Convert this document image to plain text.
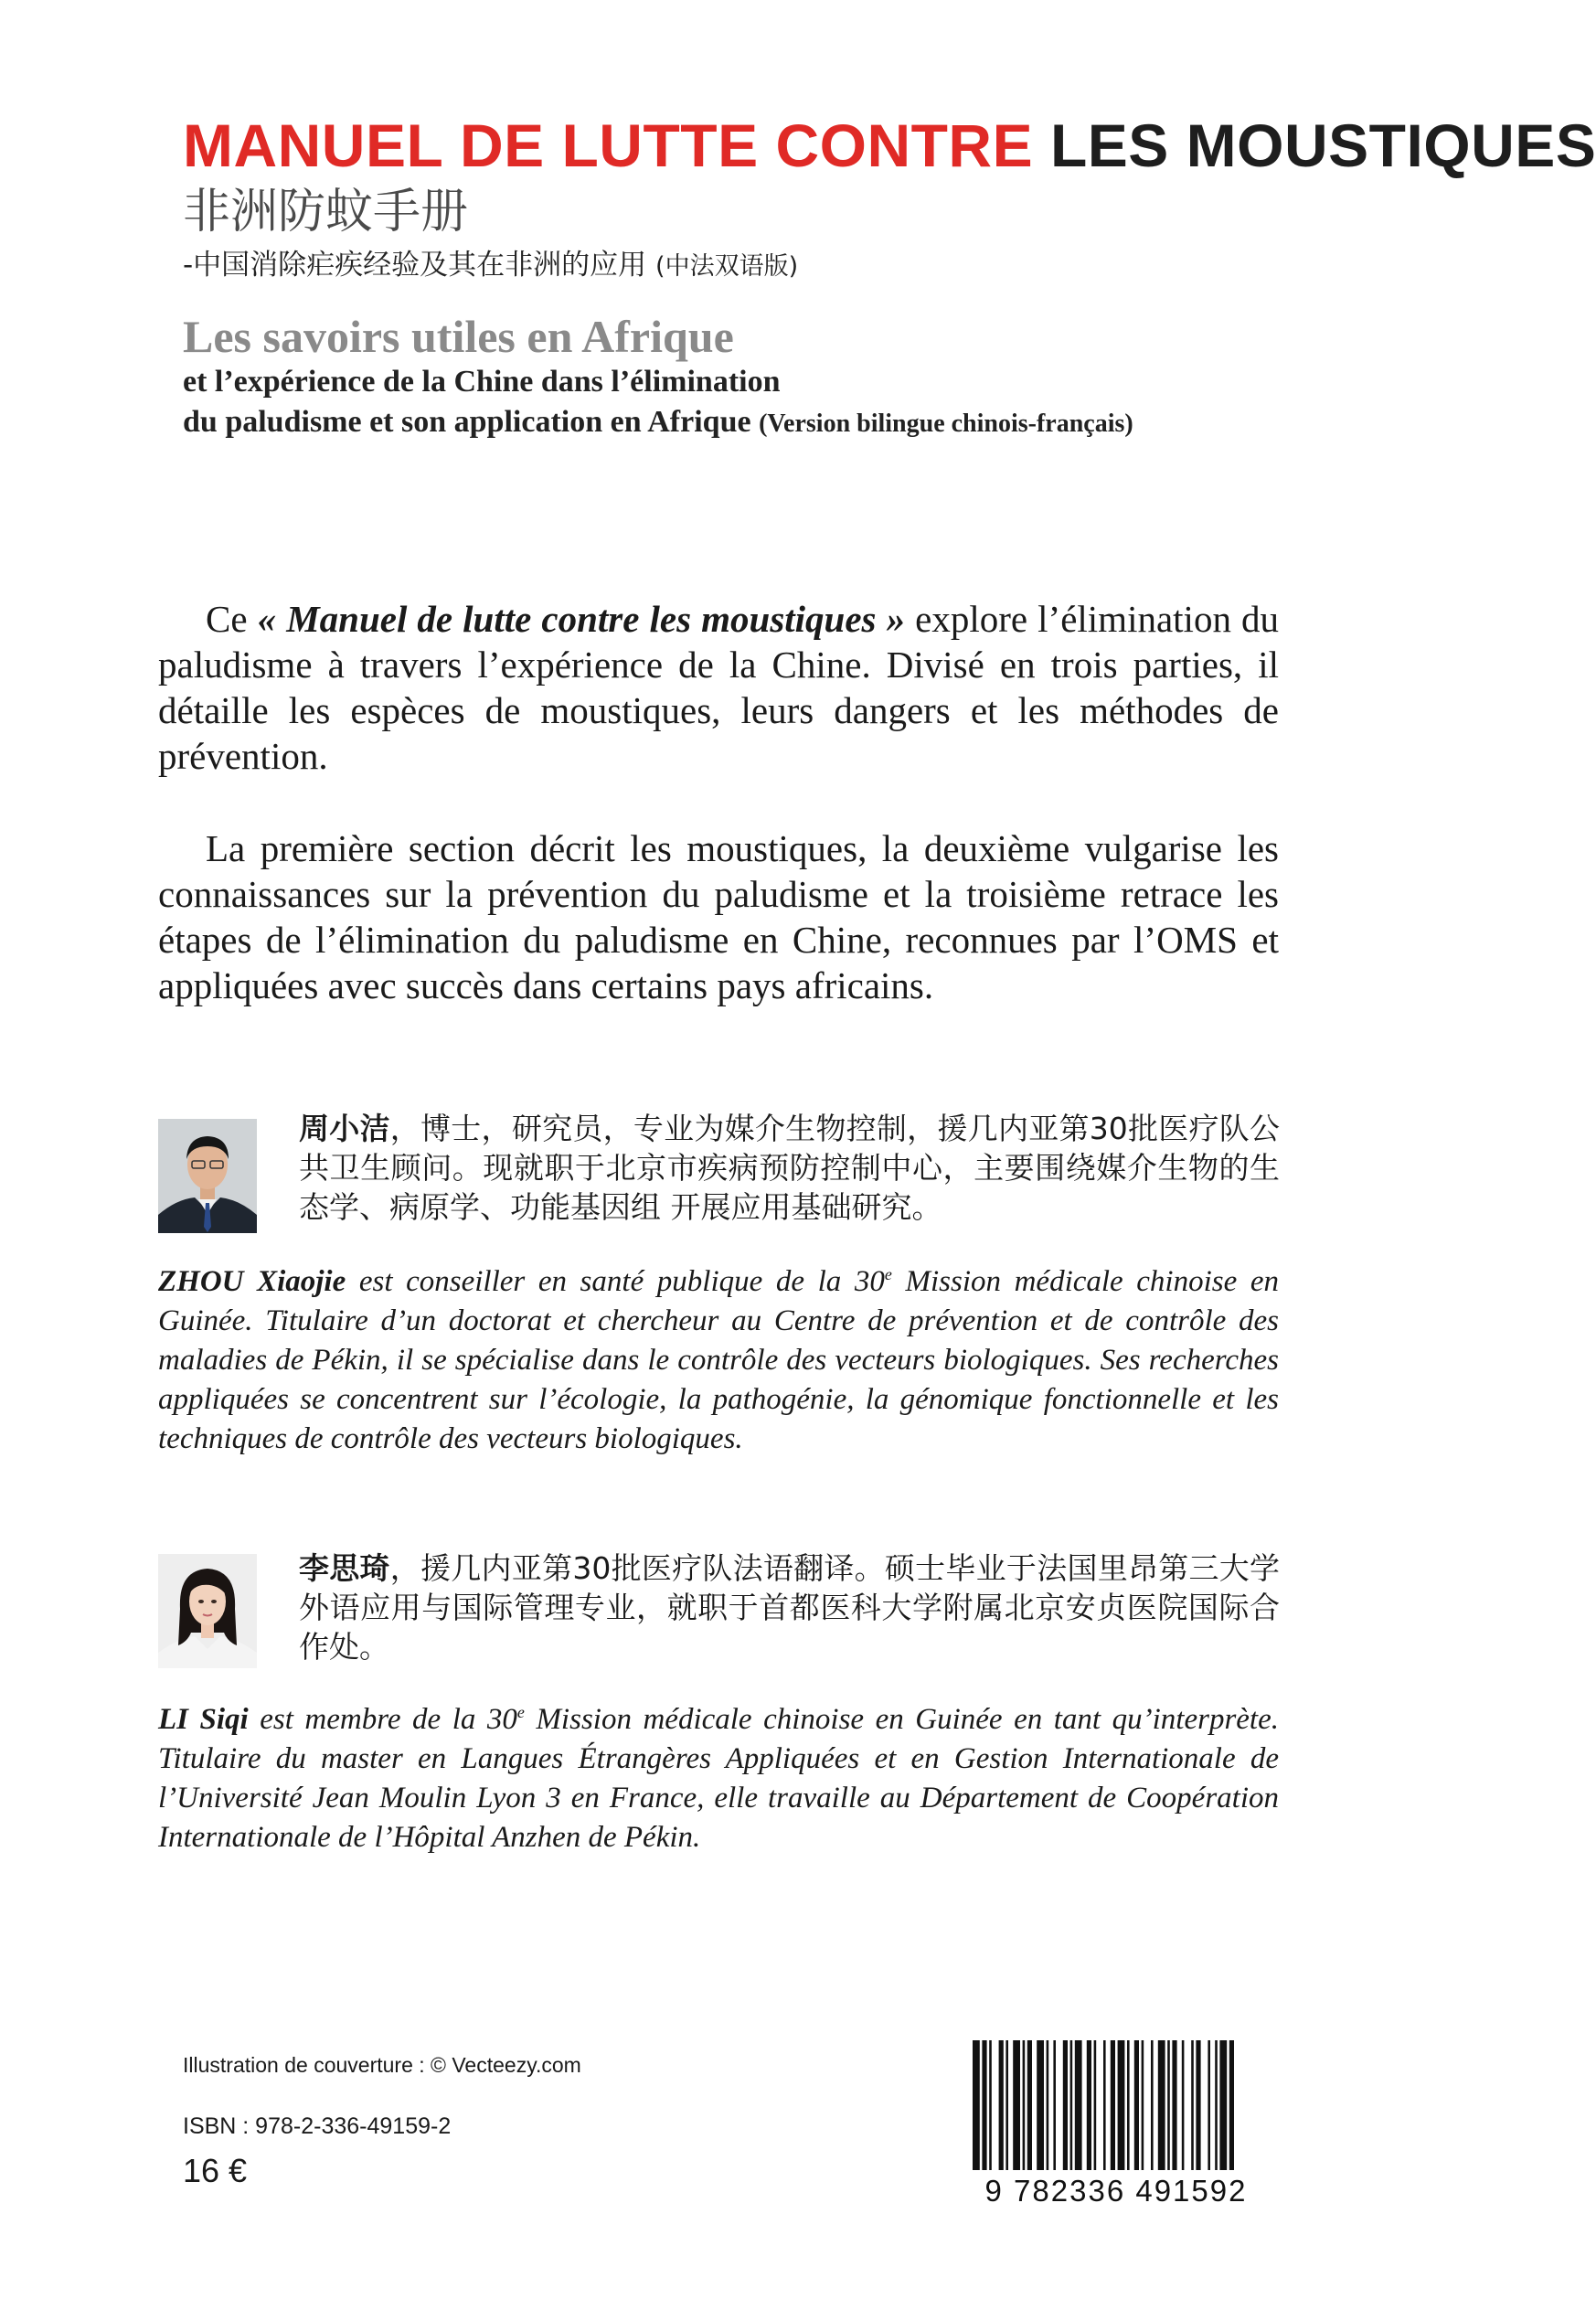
MANUEL DE LUTTE CONTRE LES MOUSTIQUES
非洲防蚊手册
-中国消除疟疾经验及其在非洲的应用 (中法双语版)
Les savoirs utiles en Afrique
et l’expérience de la Chine dans l’élimination
du paludisme et son application en Afrique (Version bilingue chinois-français)

Ce « Manuel de lutte contre les moustiques » explore l’élimination du paludisme à travers l’expérience de la Chine. Divisé en trois parties, il détaille les espèces de moustiques, leurs dangers et les méthodes de prévention.

La première section décrit les moustiques, la deuxième vulgarise les connaissances sur la prévention du paludisme et la troisième retrace les étapes de l’élimination du paludisme en Chine, reconnues par l’OMS et appliquées avec succès dans certains pays africains.

周小洁，博士，研究员，专业为媒介生物控制，援几内亚第30批医疗队公共卫生顾问。现就职于北京市疾病预防控制中心，主要围绕媒介生物的生态学、病原学、功能基因组 开展应用基础研究。

ZHOU Xiaojie est conseiller en santé publique de la 30e Mission médicale chinoise en Guinée. Titulaire d’un doctorat et chercheur au Centre de prévention et de contrôle des maladies de Pékin, il se spécialise dans le contrôle des vecteurs biologiques. Ses recherches appliquées se concentrent sur l’écologie, la pathogénie, la génomique fonctionnelle et les techniques de contrôle des vecteurs biologiques.

李思琦，援几内亚第30批医疗队法语翻译。硕士毕业于法国里昂第三大学外语应用与国际管理专业，就职于首都医科大学附属北京安贞医院国际合作处。

LI Siqi est membre de la 30e Mission médicale chinoise en Guinée en tant qu’interprète. Titulaire du master en Langues Étrangères Appliquées et en Gestion Internationale de l’Université Jean Moulin Lyon 3 en France, elle travaille au Département de Coopération Internationale de l’Hôpital Anzhen de Pékin.

Illustration de couverture : © Vecteezy.com
ISBN : 978-2-336-49159-2
16 €
9 782336 491592
